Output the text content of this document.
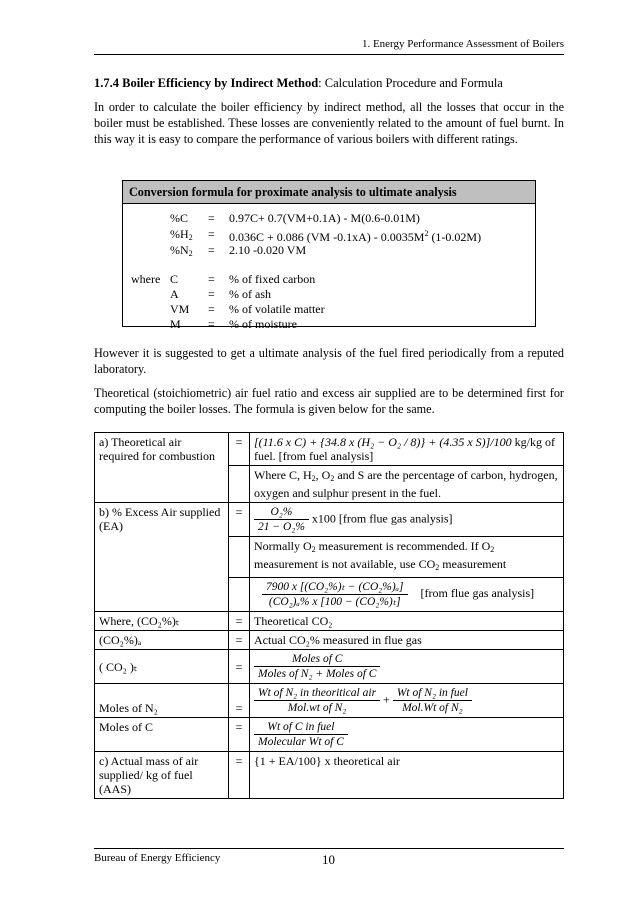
1. Energy Performance Assessment of Boilers
1.7.4 Boiler Efficiency by Indirect Method: Calculation Procedure and Formula
In order to calculate the boiler efficiency by indirect method, all the losses that occur in the boiler must be established. These losses are conveniently related to the amount of fuel burnt. In this way it is easy to compare the performance of various boilers with different ratings.
Conversion formula for proximate analysis to ultimate analysis
%C = 0.97C+ 0.7(VM+0.1A) - M(0.6-0.01M)
$\%H_2 = 0.036C + 0.086$ (VM $-0.1xA) - 0.0035M^2$ (1-0.02M)
$\%N_2 = 2.10$ -0.020 VM
where C = % of fixed carbon
A = % of ash
VM = % of volatile matter
M = % of moisture
However it is suggested to get a ultimate analysis of the fuel fired periodically from a reputed laboratory.
Theoretical (stoichiometric) air fuel ratio and excess air supplied are to be determined first for computing the boiler losses. The formula is given below for the same.
a) Theoretical air required for combustion	=	[(11.6 x C) + {34.8 x (H₂ − O₂ / 8)} + (4.35 x S)]/100 kg/kg of fuel. [from fuel analysis]
		Where C, $H_2$, $O_2$ and S are the percentage of carbon, hydrogen, oxygen and sulphur present in the fuel.
b) % Excess Air supplied (EA)	=	$\frac{\text{O₂\%}}{\text{21 − O₂\%}} x100$ [from flue gas analysis]
		Normally $O_2$ measurement is recommended. If $O_2$ measurement is not available, use $CO_2$ measurement

		$\frac{\text{7900 x [(CO₂\%)ₜ − (CO₂\%)ₐ]}}{\text{(CO₂)ₐ\% x [100 − (CO₂\%)ₜ]}}$ [from flue gas analysis]
Where, (CO₂%)ₜ	=	Theoretical CO₂
(CO₂%)ₐ	=	Actual CO₂% measured in flue gas
( CO₂ )ₜ	=	$\frac{\text{Moles of C}}{\text{Moles of N₂ + Moles of C}}$

Moles of N₂	=	$\frac{\text{Wt of N₂ in theoritical air}}{\text{Mol.wt of N₂}} + \frac{\text{Wt of N₂ in fuel}}{\text{Mol.Wt of N₂}}$

Moles of C	=	$\frac{\text{Wt of C in fuel}}{\text{Molecular Wt of C}}$

c) Actual mass of air supplied/ kg of fuel (AAS)	=	{1 + EA/100} x theoretical air
Bureau of Energy Efficiency	10
